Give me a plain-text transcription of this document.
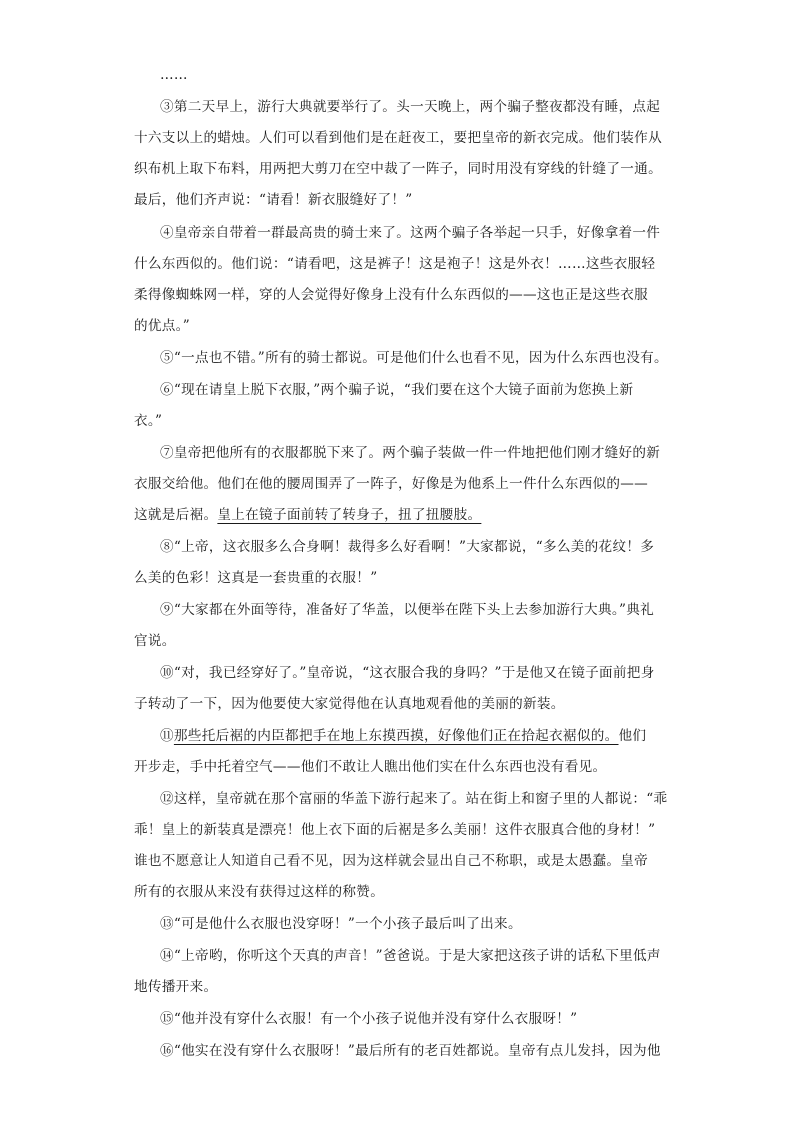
……
③第二天早上，游行大典就要举行了。头一天晚上，两个骗子整夜都没有睡，点起
十六支以上的蜡烛。人们可以看到他们是在赶夜工，要把皇帝的新衣完成。他们装作从
织布机上取下布料，用两把大剪刀在空中裁了一阵子，同时用没有穿线的针缝了一通。
最后，他们齐声说：“请看！新衣服缝好了！”
④皇帝亲自带着一群最高贵的骑士来了。这两个骗子各举起一只手，好像拿着一件
什么东西似的。他们说：“请看吧，这是裤子！这是袍子！这是外衣！……这些衣服轻
柔得像蜘蛛网一样，穿的人会觉得好像身上没有什么东西似的——这也正是这些衣服
的优点。”
⑤“一点也不错。”所有的骑士都说。可是他们什么也看不见，因为什么东西也没有。
⑥“现在请皇上脱下衣服，”两个骗子说，“我们要在这个大镜子面前为您换上新
衣。”
⑦皇帝把他所有的衣服都脱下来了。两个骗子装做一件一件地把他们刚才缝好的新
衣服交给他。他们在他的腰周围弄了一阵子，好像是为他系上一件什么东西似的——
这就是后裾。皇上在镜子面前转了转身子，扭了扭腰肢。
⑧“上帝，这衣服多么合身啊！裁得多么好看啊！”大家都说，“多么美的花纹！多
么美的色彩！这真是一套贵重的衣服！”
⑨“大家都在外面等待，准备好了华盖，以便举在陛下头上去参加游行大典。”典礼
官说。
⑩“对，我已经穿好了。”皇帝说，“这衣服合我的身吗？”于是他又在镜子面前把身
子转动了一下，因为他要使大家觉得他在认真地观看他的美丽的新装。
⑪那些托后裾的内臣都把手在地上东摸西摸，好像他们正在拾起衣裾似的。他们
开步走，手中托着空气——他们不敢让人瞧出他们实在什么东西也没有看见。
⑫这样，皇帝就在那个富丽的华盖下游行起来了。站在街上和窗子里的人都说：“乖
乖！皇上的新装真是漂亮！他上衣下面的后裾是多么美丽！这件衣服真合他的身材！”
谁也不愿意让人知道自己看不见，因为这样就会显出自己不称职，或是太愚蠢。皇帝
所有的衣服从来没有获得过这样的称赞。
⑬“可是他什么衣服也没穿呀！”一个小孩子最后叫了出来。
⑭“上帝哟，你听这个天真的声音！”爸爸说。于是大家把这孩子讲的话私下里低声
地传播开来。
⑮“他并没有穿什么衣服！有一个小孩子说他并没有穿什么衣服呀！”
⑯“他实在没有穿什么衣服呀！”最后所有的老百姓都说。皇帝有点儿发抖，因为他
